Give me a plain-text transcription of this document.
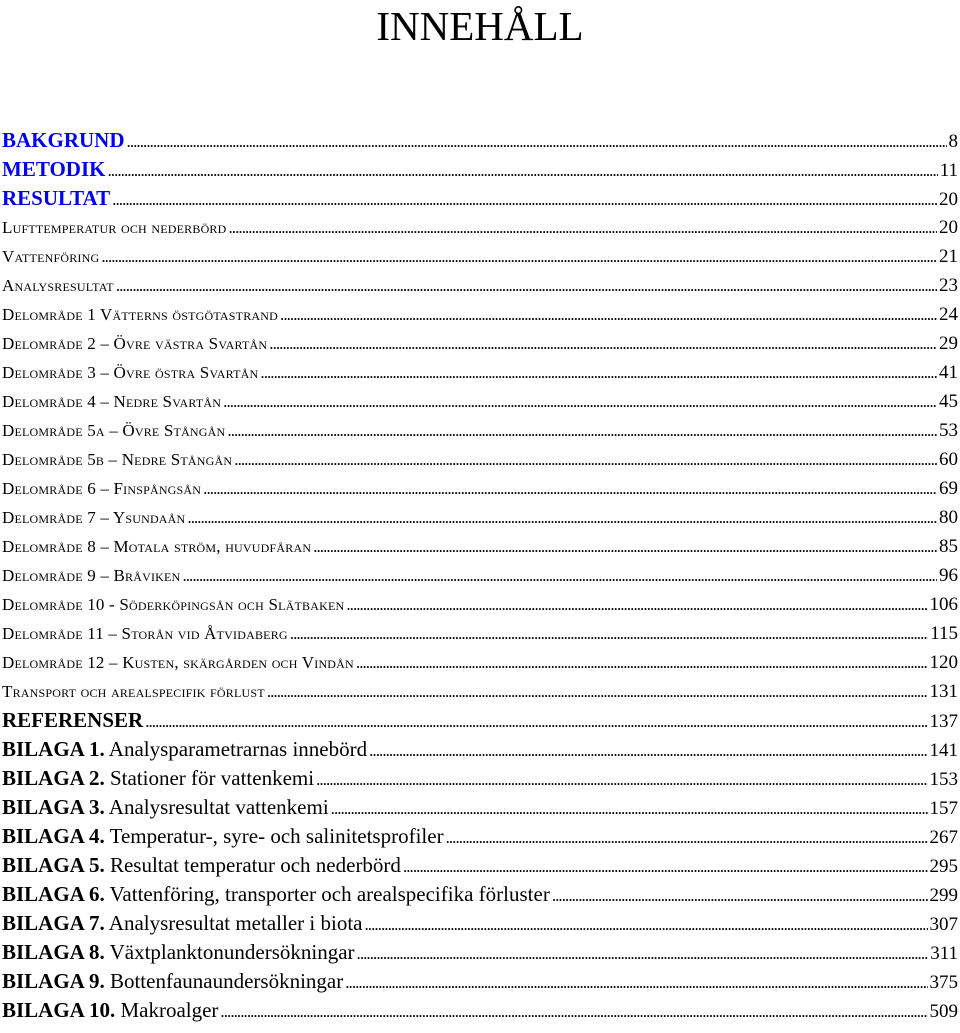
INNEHÅLL
BAKGRUND . . .	8
METODIK . . .	11
RESULTAT . . .	20
Lufttemperatur och nederbörd . . .	20
Vattenföring . . .	21
Analysresultat . . .	23
Delområde 1 Vätterns östgötastrand . . .	24
Delområde 2 – Övre västra Svartån . . .	29
Delområde 3 – Övre östra Svartån . . .	41
Delområde 4 – Nedre Svartån . . .	45
Delområde 5a – Övre Stångån . . .	53
Delområde 5b – Nedre Stångån . . .	60
Delområde 6 – Finspångsån . . .	69
Delområde 7 – Ysundaån . . .	80
Delområde 8 – Motala ström, huvudfåran . . .	85
Delområde 9 – Bråviken . . .	96
Delområde 10 - Söderköpingsån och Slätbaken . . .	106
Delområde 11 – Storån vid Åtvidaberg . . .	115
Delområde 12 – Kusten, skärgården och Vindån . . .	120
Transport och arealspecifik förlust . . .	131
REFERENSER . . .	137
BILAGA 1. Analysparametrarnas innebörd . . .	141
BILAGA 2. Stationer för vattenkemi . . .	153
BILAGA 3. Analysresultat vattenkemi . . .	157
BILAGA 4. Temperatur-, syre- och salinitetsprofiler . . .	267
BILAGA 5. Resultat temperatur och nederbörd . . .	295
BILAGA 6. Vattenföring, transporter och arealspecifika förluster . . .	299
BILAGA 7. Analysresultat metaller i biota . . .	307
BILAGA 8. Växtplanktonundersökningar . . .	311
BILAGA 9. Bottenfaunaundersökningar . . .	375
BILAGA 10. Makroalger . . .	509
